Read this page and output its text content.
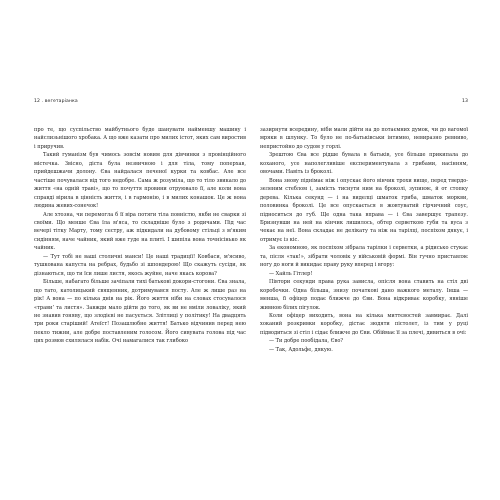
12 . вегетаріанка

про те, що суспільство майбутнього буде шанувати найменшу машину і найслизьнішого хробака. А що вже казати про милих істот, яких сам виростив і приручив.

Такий гуманізм був чимось зовсім новим для дівчинки з провінційного містечка. Звісно, діста була незвичною і для тіла, тому поперхав, прийдешжачи долону. Єва найдалася печеної курки та ковбас. Але все частіше почувалася від того недобре. Сама ж розуміла, що то тіло звикало до життя «на одній траві», що то почуття провини отруювало її, але коли вона справді вірила в цінність життя, і в гармонію, і в милих конашок. Це ж вона людина жевих-сонечок!

Але хтозна, чи перемогла б її віра потяги тіла повністю, якби не сварки зі своїми. Що менше Єва їла м'яса, то складніше було з родичами. Під час вечері тітку Марту, тому сестру, аж підкидали на дубовому стільці з м'яким сидінням, наче чайник, який вже гуде на плиті. І шипіла вона точнісінько як чайник.

— Тут тобі не ваші столичні манси! Це наші традиції! Ковбаси, м'ясиво, тушкована капуста на ребрах, будьбо зі шпондерою! Що скажуть сусіди, як дізнаються, що ти їси лише листя, якось жуйне, наче якась корова?

Більше, набагато більше зачіпали тихі батькові докори-стогони. Єва знала, що тато, католицький священник, дотримувався посту. Але ж лише раз на рік! А вона — по кілька днів на рік. Його життя ніби на словах стосувалося «травиʼ та листя». Завжди мало дійти до того, як ви не вміли ловаліку, який не знавив гоняву, що злодієві не пасується. Злітлиці у політику! На двадцять три роки старіший! Атеїст! Позашлюбне життя! Батько відчинив перед нею пекло тижни, але добре поставленим голосом. Його сивувата голова під час цих розмов схилялася набік. Очі намагалися так глибоко

13

зазирнути всередину, ніби мали дійти на до потаємних думок, чи до вагомої мряки в шлунку. То було не по-батьківськи інтимно, невиразно ревниво, непристойно до судом у горлі.

Зрештою Єва все рідше бувала в батьків, усе більше прикипала до коханого, усе наполегливіше експериментувала з грибами, насінням, овочами. Навіть із броколі.

Вона знову піднімає ніж і опускає його вінчик трохи вище, перед твердо-зеленим стеблом і, замість тиснути ним на броколі, зупиняє, й от стопку дерева. Кілька секунд — і на виделці шматок гриба, шматок моркви, половинка броколі. Це все опускається в жовтуватий гірчичний соус, підноситься до губ. Ще одна така вправа — і Єва завершує трапезу. Бризнувши на ней на кінчик лишилось, обтер серветкою губи та вуса з чекає на неї. Вона складає не делікату та ніж на тарілці, поспіхом дякує, і отримує із кіс.

За економною, як поспіхом зібрала тарілки і серветки, а рідисько стукає та, після «так!», зібрати чоловік у військовій формі. Він гучно приставляє ногу до ноги й викидає праву руку вперед і вгору:

— Хайль Гітлер!

Півтори секунди права рука зависла, опісля вона ставить на стіл дві коробочки. Одна більша, знизу початкові дано важкого металу. Інша — менша, її офіцер подає ближче до Єви. Вона відкриває коробку, явніше живною білих пігулок.

Коли офіцер виходить, вона на кілька миттєвостей завмирає. Далі хоканий розкривки коробку, дістає зюдяти пістолет, із тим у руці підводиться зі стіл і сідає ближче до Єви. Обіймає її за плечі, дивиться в очі:

— Ти добре пообідала, Єво?

— Так, Адольфе, дякую.
